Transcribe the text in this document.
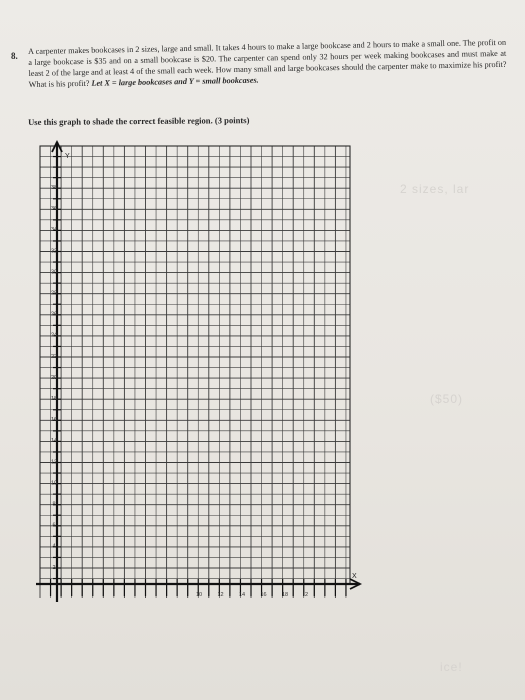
8.
A carpenter makes bookcases in 2 sizes, large and small. It takes 4 hours to make a large bookcase and 2 hours to make a small one. The profit on a large bookcase is $35 and on a small bookcase is $20. The carpenter can spend only 32 hours per week making bookcases and must make at least 2 of the large and at least 4 of the small each week. How many small and large bookcases should the carpenter make to maximize his profit? What is his profit? Let X = large bookcases and Y = small bookcases.
Use this graph to shade the correct feasible region. (3 points)
2 sizes, lar
($50)
ice!
Y
X
38
36
34
32
30
28
26
24
22
20
18
16
14
12
10
8
6
4
2
10	12	14	16	18	2
